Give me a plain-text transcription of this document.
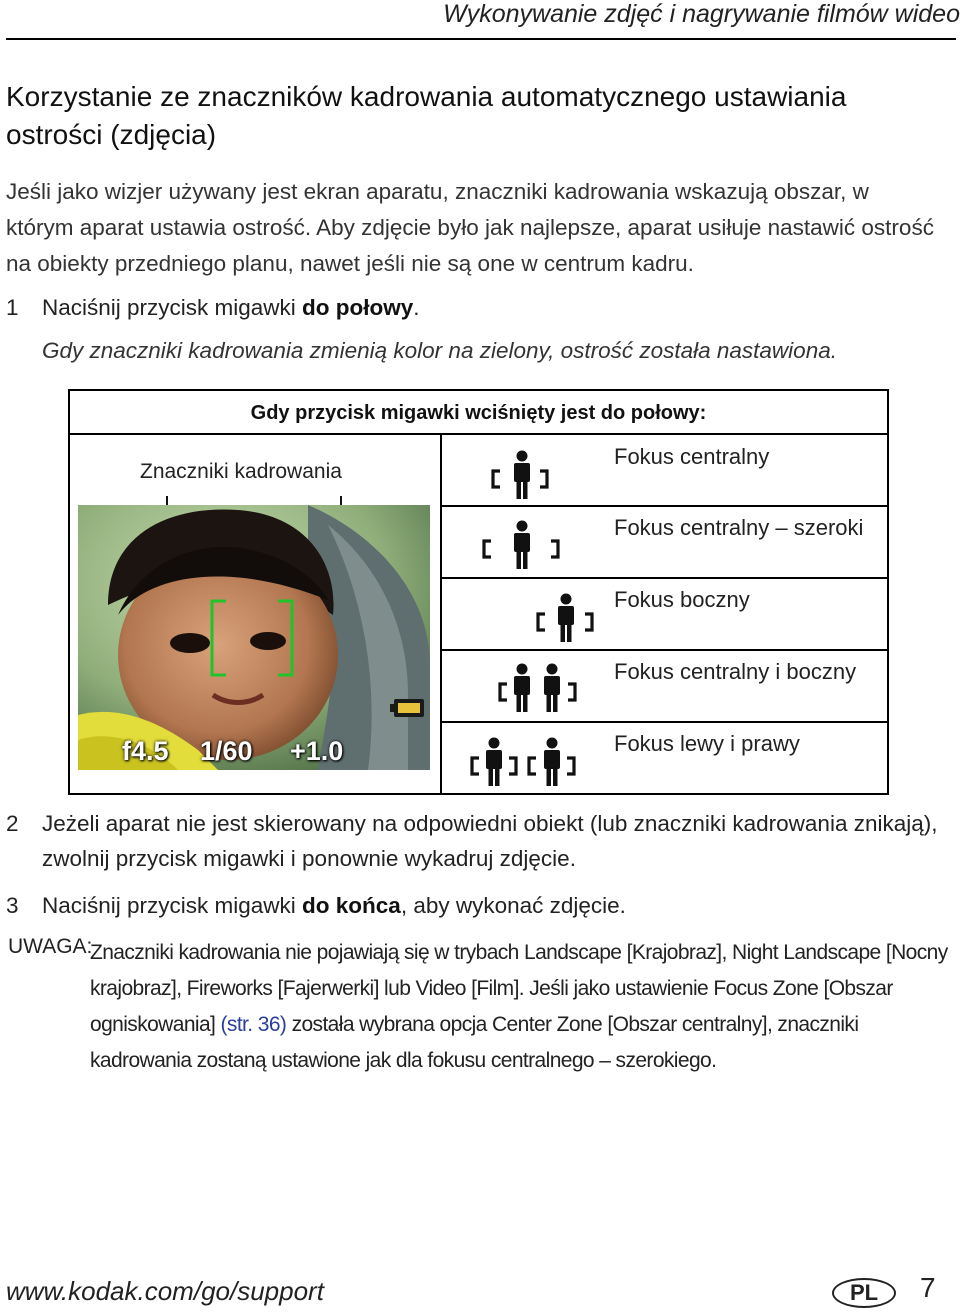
Wykonywanie zdjęć i nagrywanie filmów wideo
Korzystanie ze znaczników kadrowania automatycznego ustawiania ostrości (zdjęcia)
Jeśli jako wizjer używany jest ekran aparatu, znaczniki kadrowania wskazują obszar, w którym aparat ustawia ostrość. Aby zdjęcie było jak najlepsze, aparat usiłuje nastawić ostrość na obiekty przedniego planu, nawet jeśli nie są one w centrum kadru.
1	Naciśnij przycisk migawki do połowy.
Gdy znaczniki kadrowania zmienią kolor na zielony, ostrość została nastawiona.
Gdy przycisk migawki wciśnięty jest do połowy:
Znaczniki kadrowania
f4.5 1/60 +1.0
Fokus centralny
Fokus centralny – szeroki
Fokus boczny
Fokus centralny i boczny
Fokus lewy i prawy
2	Jeżeli aparat nie jest skierowany na odpowiedni obiekt (lub znaczniki kadrowania znikają), zwolnij przycisk migawki i ponownie wykadruj zdjęcie.
3	Naciśnij przycisk migawki do końca, aby wykonać zdjęcie.
UWAGA:
Znaczniki kadrowania nie pojawiają się w trybach Landscape [Krajobraz], Night Landscape [Nocny krajobraz], Fireworks [Fajerwerki] lub Video [Film]. Jeśli jako ustawienie Focus Zone [Obszar ogniskowania] (str. 36) została wybrana opcja Center Zone [Obszar centralny], znaczniki kadrowania zostaną ustawione jak dla fokusu centralnego – szerokiego.
www.kodak.com/go/support	PL	7
